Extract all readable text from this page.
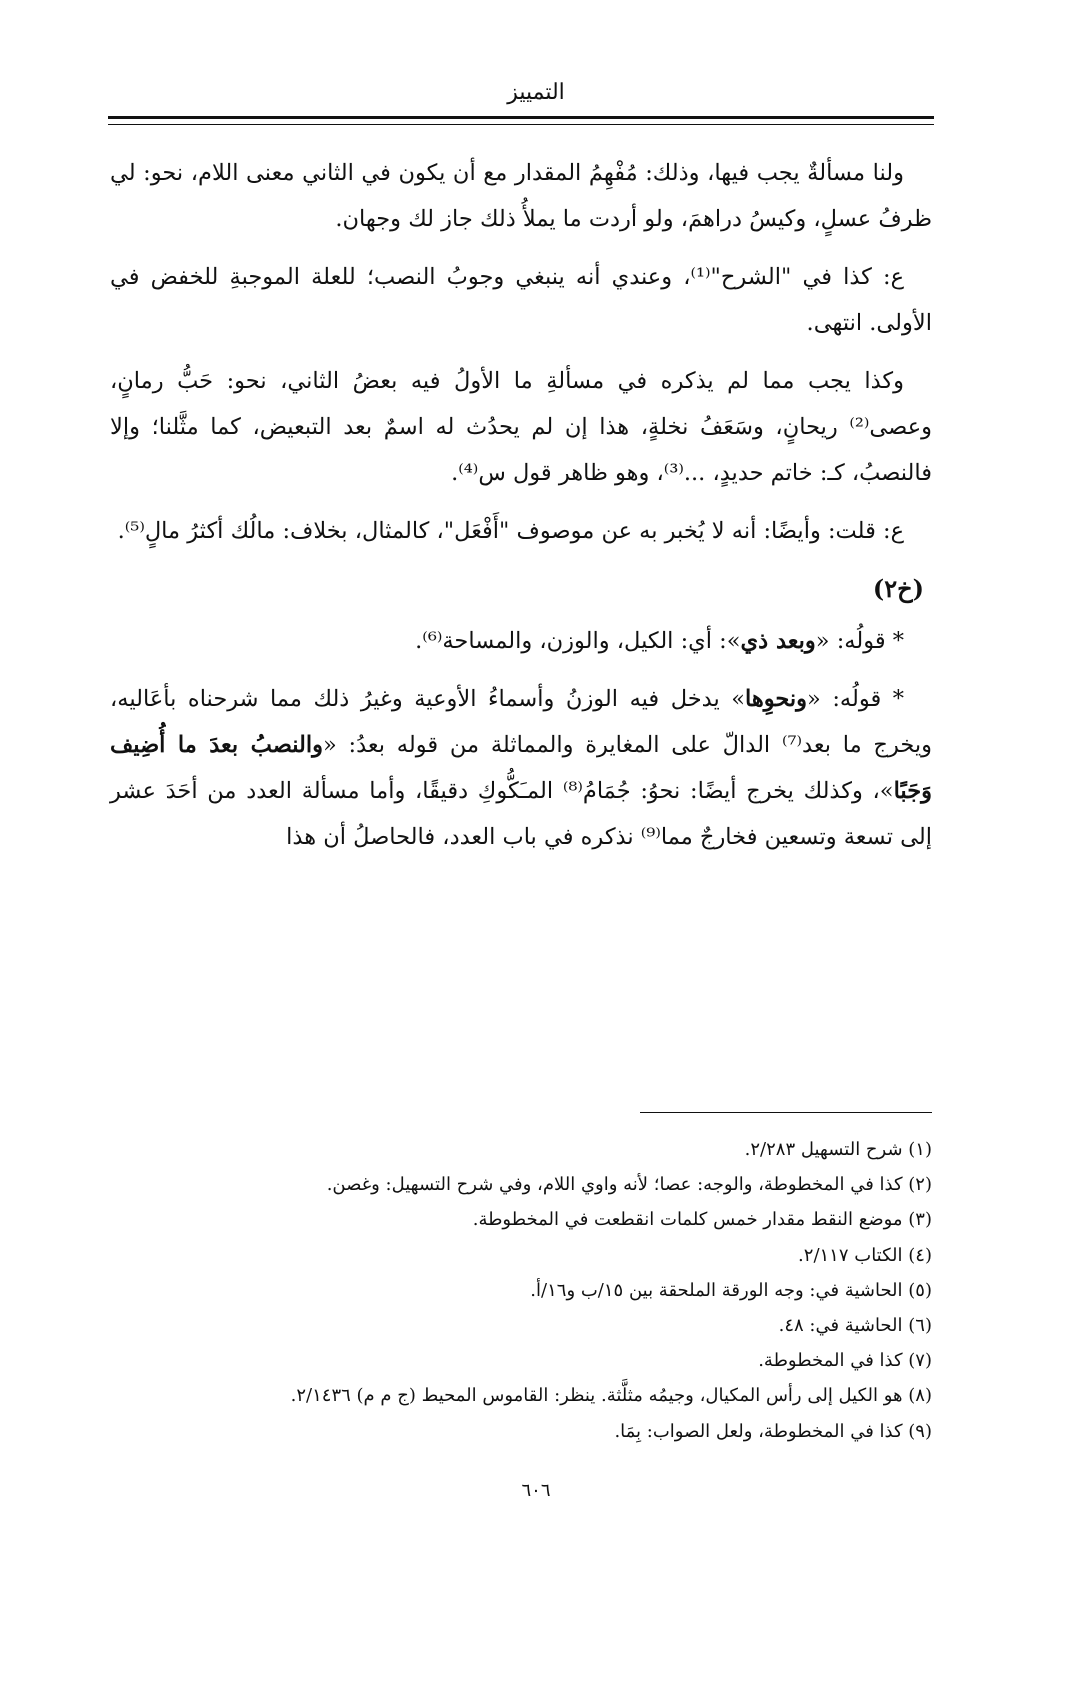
التمييز

ولنا مسألةٌ يجب فيها، وذلك: مُفْهِمُ المقدار مع أن يكون في الثاني معنى اللام، نحو: لي ظرفُ عسلٍ، وكيسُ دراهمَ، ولو أردت ما يملأُ ذلك جاز لك وجهان.

ع: كذا في "الشرح"⁽¹⁾، وعندي أنه ينبغي وجوبُ النصب؛ للعلة الموجبةِ للخفض في الأولى. انتهى.

وكذا يجب مما لم يذكره في مسألةِ ما الأولُ فيه بعضُ الثاني، نحو: حَبُّ رمانٍ، وعصى⁽²⁾ ريحانٍ، وسَعَفُ نخلةٍ، هذا إن لم يحدُث له اسمٌ بعد التبعيض، كما مثَّلنا؛ وإلا فالنصبُ، كـ: خاتم حديدٍ، ...⁽³⁾، وهو ظاهر قول س⁽⁴⁾.

ع: قلت: وأيضًا: أنه لا يُخبر به عن موصوف "أَفْعَل"، كالمثال، بخلاف: مالُك أكثرُ مالٍ⁽⁵⁾.

(خ٢)

* قولُه: «وبعد ذي»: أي: الكيل، والوزن، والمساحة⁽⁶⁾.

* قولُه: «ونحوِها» يدخل فيه الوزنُ وأسماءُ الأوعية وغيرُ ذلك مما شرحناه بأعَاليه، ويخرج ما بعد⁽⁷⁾ الدالّ على المغايرة والمماثلة من قوله بعدُ: «والنصبُ بعدَ ما أُضِيف وَجَبًا»، وكذلك يخرج أيضًا: نحوُ: جُمَامُ⁽⁸⁾ المـَكُّوكِ دقيقًا، وأما مسألة العدد من أحَدَ عشر إلى تسعة وتسعين فخارجٌ مما⁽⁹⁾ نذكره في باب العدد، فالحاصلُ أن هذا

(١) شرح التسهيل ٢/٢٨٣.

(٢) كذا في المخطوطة، والوجه: عصا؛ لأنه واوي اللام، وفي شرح التسهيل: وغصن.

(٣) موضع النقط مقدار خمس كلمات انقطعت في المخطوطة.

(٤) الكتاب ٢/١١٧.

(٥) الحاشية في: وجه الورقة الملحقة بين ١٥/ب و١٦/أ.

(٦) الحاشية في: ٤٨.

(٧) كذا في المخطوطة.

(٨) هو الكيل إلى رأس المكيال، وجيمُه مثلَّثة. ينظر: القاموس المحيط (ج م م) ٢/١٤٣٦.

(٩) كذا في المخطوطة، ولعل الصواب: بِمَا.

٦٠٦
